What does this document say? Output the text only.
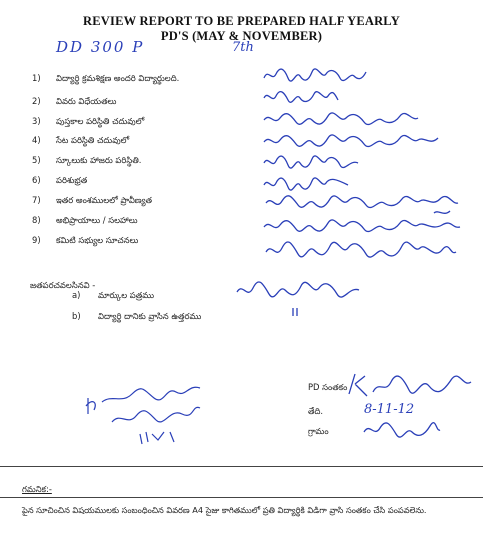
REVIEW REPORT TO BE PREPARED HALF YEARLY
PD'S (MAY & NOVEMBER)
DD 300 P	7th
1) విద్యార్థి క్రమశిక్షణ అందరి విద్యార్థులది.
2) వివరు విధేయతలు
3) పుస్తకాల పరిస్థితి చదువులో
4) సేట పరిస్థితి చదువులో
5) స్కూలుకు హాజరు పరిస్థితి.
6) పరిశుభ్రత
7) ఇతర అంశములలో ప్రావీణ్యత
8) అభిప్రాయాలు / సలహాలు
9) కమిటి సభ్యుల సూచనలు
జతపరచవలసినవి -
a) మార్కుల పత్రము
b) విద్యార్థి దానికు వ్రాసిన ఉత్తరము
PD సంతకం
తేది.
గ్రామం
8-11-12
గమనిక:-
పైన సూచించిన విషయములకు సంబంధించిన వివరణ A4 సైజు కాగితములో ప్రతి విద్యార్థికి విడిగా వ్రాసి సంతకం చేసి పంపవలెను.
